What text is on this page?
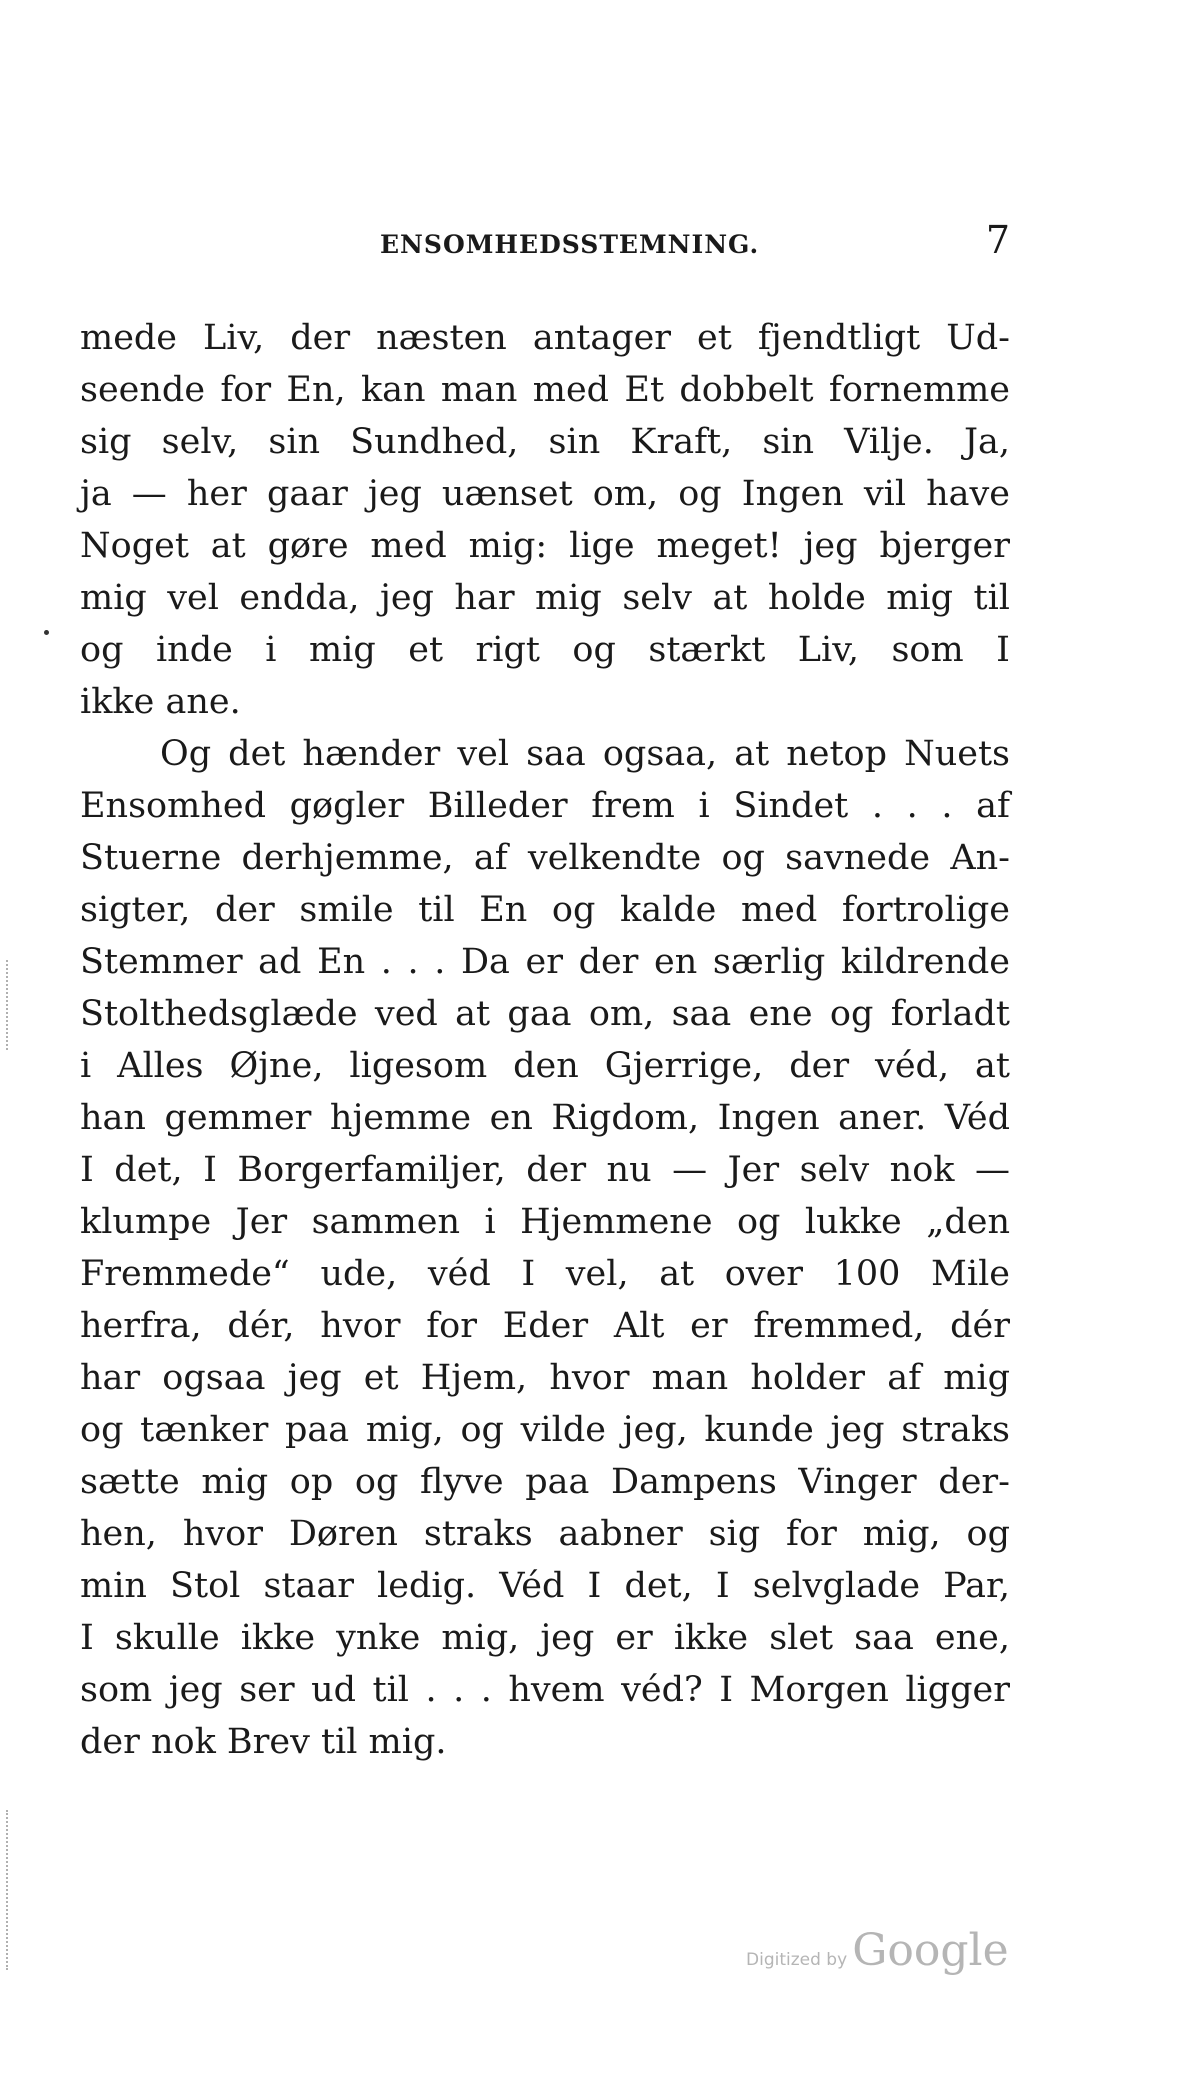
ENSOMHEDSSTEMNING.	7
mede Liv, der næsten antager et fjendtligt Ud-
seende for En, kan man med Et dobbelt fornemme
sig selv, sin Sundhed, sin Kraft, sin Vilje. Ja,
ja — her gaar jeg uænset om, og Ingen vil have
Noget at gøre med mig: lige meget! jeg bjerger
mig vel endda, jeg har mig selv at holde mig til
og inde i mig et rigt og stærkt Liv, som I
ikke ane.
Og det hænder vel saa ogsaa, at netop Nuets
Ensomhed gøgler Billeder frem i Sindet . . . af
Stuerne derhjemme, af velkendte og savnede An-
sigter, der smile til En og kalde med fortrolige
Stemmer ad En . . . Da er der en særlig kildrende
Stolthedsglæde ved at gaa om, saa ene og forladt
i Alles Øjne, ligesom den Gjerrige, der véd, at
han gemmer hjemme en Rigdom, Ingen aner. Véd
I det, I Borgerfamiljer, der nu — Jer selv nok —
klumpe Jer sammen i Hjemmene og lukke „den
Fremmede“ ude, véd I vel, at over 100 Mile
herfra, dér, hvor for Eder Alt er fremmed, dér
har ogsaa jeg et Hjem, hvor man holder af mig
og tænker paa mig, og vilde jeg, kunde jeg straks
sætte mig op og flyve paa Dampens Vinger der-
hen, hvor Døren straks aabner sig for mig, og
min Stol staar ledig. Véd I det, I selvglade Par,
I skulle ikke ynke mig, jeg er ikke slet saa ene,
som jeg ser ud til . . . hvem véd? I Morgen ligger
der nok Brev til mig.
Digitized by Google
